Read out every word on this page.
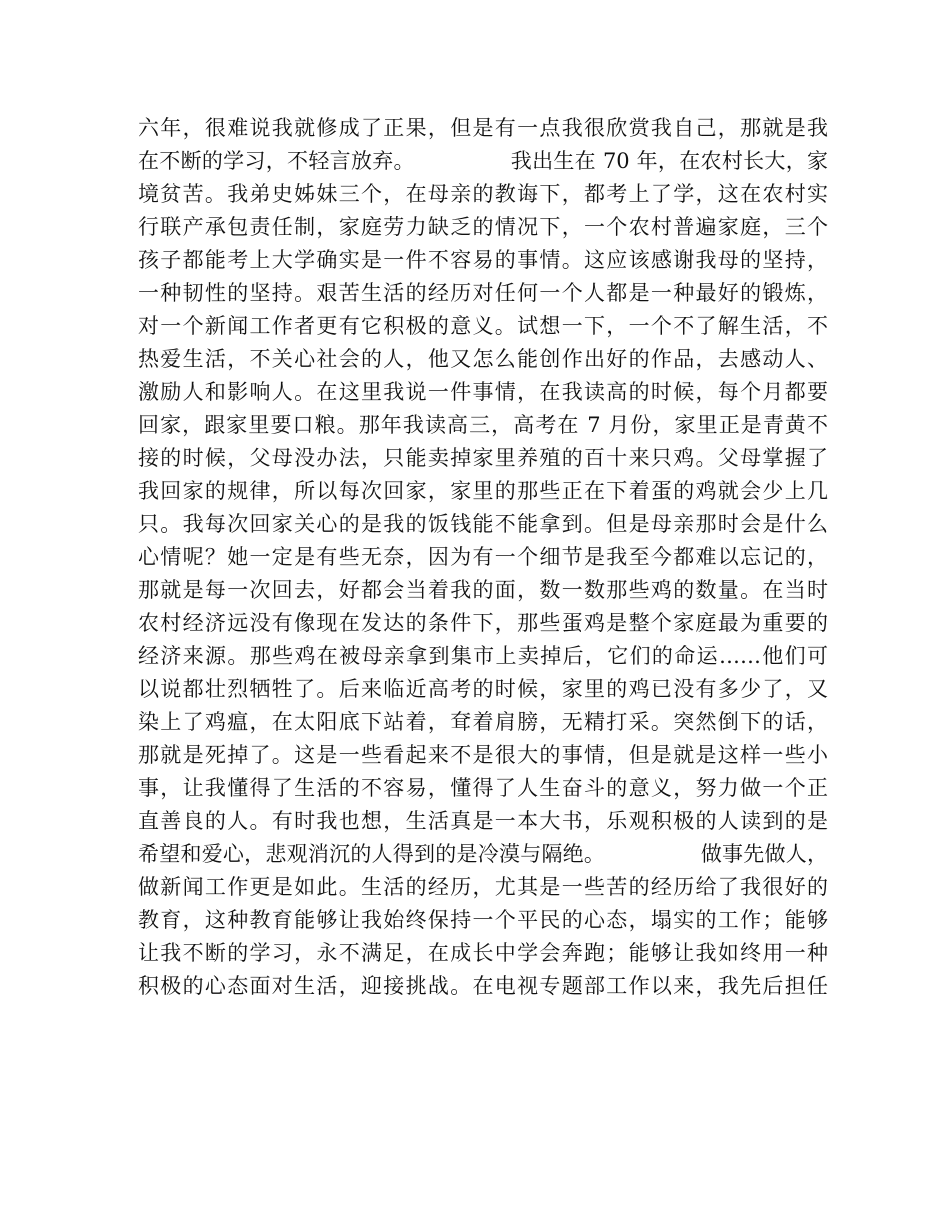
六年，很难说我就修成了正果，但是有一点我很欣赏我自己，那就是我
在不断的学习，不轻言放弃。　　　　　我出生在 70 年，在农村长大，家
境贫苦。我弟史姊妹三个，在母亲的教诲下，都考上了学，这在农村实
行联产承包责任制，家庭劳力缺乏的情况下，一个农村普遍家庭，三个
孩子都能考上大学确实是一件不容易的事情。这应该感谢我母的坚持，
一种韧性的坚持。艰苦生活的经历对任何一个人都是一种最好的锻炼，
对一个新闻工作者更有它积极的意义。试想一下，一个不了解生活，不
热爱生活，不关心社会的人，他又怎么能创作出好的作品，去感动人、
激励人和影响人。在这里我说一件事情，在我读高的时候，每个月都要
回家，跟家里要口粮。那年我读高三，高考在 7 月份，家里正是青黄不
接的时候，父母没办法，只能卖掉家里养殖的百十来只鸡。父母掌握了
我回家的规律，所以每次回家，家里的那些正在下着蛋的鸡就会少上几
只。我每次回家关心的是我的饭钱能不能拿到。但是母亲那时会是什么
心情呢？她一定是有些无奈，因为有一个细节是我至今都难以忘记的，
那就是每一次回去，好都会当着我的面，数一数那些鸡的数量。在当时
农村经济远没有像现在发达的条件下，那些蛋鸡是整个家庭最为重要的
经济来源。那些鸡在被母亲拿到集市上卖掉后，它们的命运……他们可
以说都壮烈牺牲了。后来临近高考的时候，家里的鸡已没有多少了，又
染上了鸡瘟，在太阳底下站着，耷着肩膀，无精打采。突然倒下的话，
那就是死掉了。这是一些看起来不是很大的事情，但是就是这样一些小
事，让我懂得了生活的不容易，懂得了人生奋斗的意义，努力做一个正
直善良的人。有时我也想，生活真是一本大书，乐观积极的人读到的是
希望和爱心，悲观消沉的人得到的是冷漠与隔绝。　　　　　做事先做人，
做新闻工作更是如此。生活的经历，尤其是一些苦的经历给了我很好的
教育，这种教育能够让我始终保持一个平民的心态，塌实的工作；能够
让我不断的学习，永不满足，在成长中学会奔跑；能够让我如终用一种
积极的心态面对生活，迎接挑战。在电视专题部工作以来，我先后担任
